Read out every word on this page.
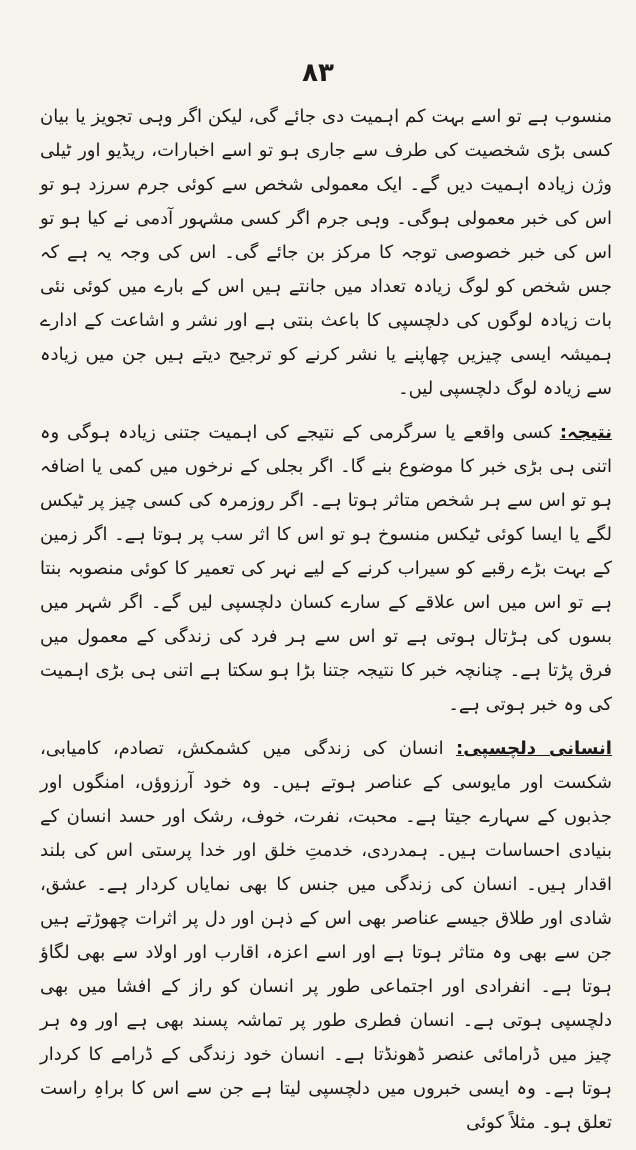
۸۳

منسوب ہے تو اسے بہت کم اہمیت دی جائے گی، لیکن اگر وہی تجویز یا بیان کسی بڑی شخصیت کی طرف سے جاری ہو تو اسے اخبارات، ریڈیو اور ٹیلی وژن زیادہ اہمیت دیں گے۔ ایک معمولی شخص سے کوئی جرم سرزد ہو تو اس کی خبر معمولی ہوگی۔ وہی جرم اگر کسی مشہور آدمی نے کیا ہو تو اس کی خبر خصوصی توجہ کا مرکز بن جائے گی۔ اس کی وجہ یہ ہے کہ جس شخص کو لوگ زیادہ تعداد میں جانتے ہیں اس کے بارے میں کوئی نئی بات زیادہ لوگوں کی دلچسپی کا باعث بنتی ہے اور نشر و اشاعت کے ادارے ہمیشہ ایسی چیزیں چھاپنے یا نشر کرنے کو ترجیح دیتے ہیں جن میں زیادہ سے زیادہ لوگ دلچسپی لیں۔

نتیجہ: کسی واقعے یا سرگرمی کے نتیجے کی اہمیت جتنی زیادہ ہوگی وہ اتنی ہی بڑی خبر کا موضوع بنے گا۔ اگر بجلی کے نرخوں میں کمی یا اضافہ ہو تو اس سے ہر شخص متاثر ہوتا ہے۔ اگر روزمرہ کی کسی چیز پر ٹیکس لگے یا ایسا کوئی ٹیکس منسوخ ہو تو اس کا اثر سب پر ہوتا ہے۔ اگر زمین کے بہت بڑے رقبے کو سیراب کرنے کے لیے نہر کی تعمیر کا کوئی منصوبہ بنتا ہے تو اس میں اس علاقے کے سارے کسان دلچسپی لیں گے۔ اگر شہر میں بسوں کی ہڑتال ہوتی ہے تو اس سے ہر فرد کی زندگی کے معمول میں فرق پڑتا ہے۔ چنانچہ خبر کا نتیجہ جتنا بڑا ہو سکتا ہے اتنی ہی بڑی اہمیت کی وہ خبر ہوتی ہے۔

انسانی دلچسپی: انسان کی زندگی میں کشمکش، تصادم، کامیابی، شکست اور مایوسی کے عناصر ہوتے ہیں۔ وہ خود آرزوؤں، امنگوں اور جذبوں کے سہارے جیتا ہے۔ محبت، نفرت، خوف، رشک اور حسد انسان کے بنیادی احساسات ہیں۔ ہمدردی، خدمتِ خلق اور خدا پرستی اس کی بلند اقدار ہیں۔ انسان کی زندگی میں جنس کا بھی نمایاں کردار ہے۔ عشق، شادی اور طلاق جیسے عناصر بھی اس کے ذہن اور دل پر اثرات چھوڑتے ہیں جن سے بھی وہ متاثر ہوتا ہے اور اسے اعزہ، اقارب اور اولاد سے بھی لگاؤ ہوتا ہے۔ انفرادی اور اجتماعی طور پر انسان کو راز کے افشا میں بھی دلچسپی ہوتی ہے۔ انسان فطری طور پر تماشہ پسند بھی ہے اور وہ ہر چیز میں ڈرامائی عنصر ڈھونڈتا ہے۔ انسان خود زندگی کے ڈرامے کا کردار ہوتا ہے۔ وہ ایسی خبروں میں دلچسپی لیتا ہے جن سے اس کا براہِ راست تعلق ہو۔ مثلاً کوئی
